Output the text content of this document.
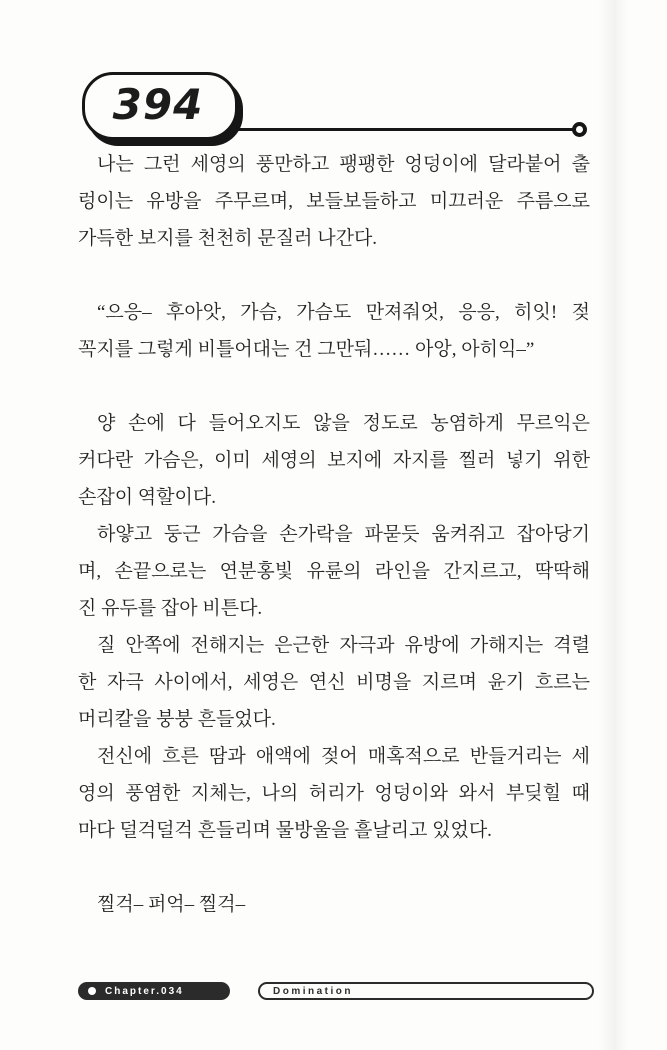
394
나는 그런 세영의 풍만하고 팽팽한 엉덩이에 달라붙어 출
렁이는 유방을 주무르며, 보들보들하고 미끄러운 주름으로
가득한 보지를 천천히 문질러 나간다.
“으응– 후아앗, 가슴, 가슴도 만져줘엇, 응응, 히잇! 젖
꼭지를 그렇게 비틀어대는 건 그만둬…… 아앙, 아히익–”
양 손에 다 들어오지도 않을 정도로 농염하게 무르익은
커다란 가슴은, 이미 세영의 보지에 자지를 찔러 넣기 위한
손잡이 역할이다.
하얗고 둥근 가슴을 손가락을 파묻듯 움켜쥐고 잡아당기
며, 손끝으로는 연분홍빛 유륜의 라인을 간지르고, 딱딱해
진 유두를 잡아 비튼다.
질 안쪽에 전해지는 은근한 자극과 유방에 가해지는 격렬
한 자극 사이에서, 세영은 연신 비명을 지르며 윤기 흐르는
머리칼을 붕붕 흔들었다.
전신에 흐른 땀과 애액에 젖어 매혹적으로 반들거리는 세
영의 풍염한 지체는, 나의 허리가 엉덩이와 와서 부딪힐 때
마다 덜걱덜걱 흔들리며 물방울을 흘날리고 있었다.
찔걱– 퍼억– 찔걱–
Chapter.034	Domination
